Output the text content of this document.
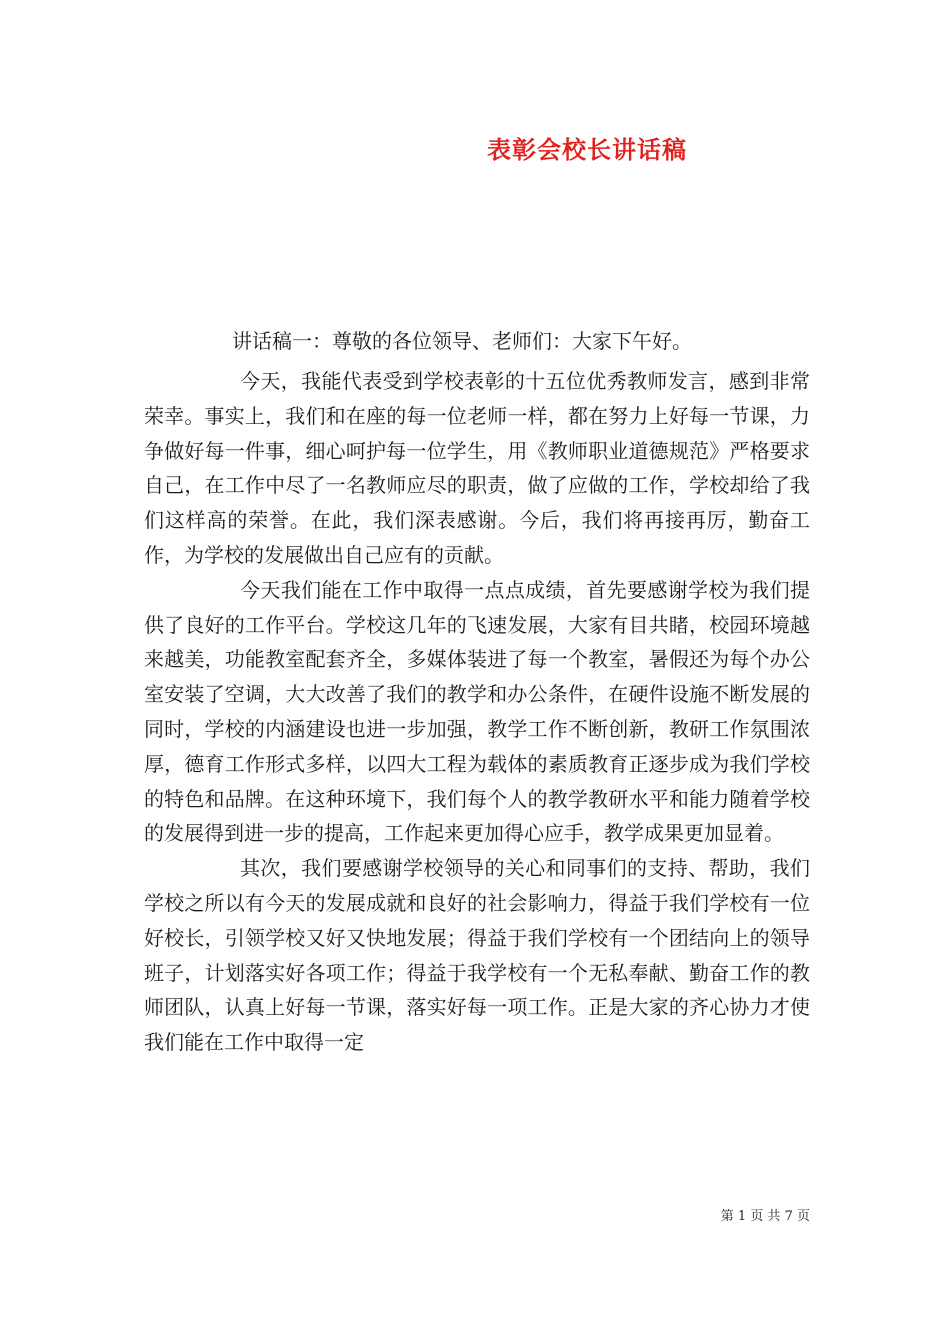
表彰会校长讲话稿

讲话稿一：尊敬的各位领导、老师们：大家下午好。

今天，我能代表受到学校表彰的十五位优秀教师发言，感到非常荣幸。事实上，我们和在座的每一位老师一样，都在努力上好每一节课，力争做好每一件事，细心呵护每一位学生，用《教师职业道德规范》严格要求自己，在工作中尽了一名教师应尽的职责，做了应做的工作，学校却给了我们这样高的荣誉。在此，我们深表感谢。今后，我们将再接再厉，勤奋工作，为学校的发展做出自己应有的贡献。

今天我们能在工作中取得一点点成绩，首先要感谢学校为我们提供了良好的工作平台。学校这几年的飞速发展，大家有目共睹，校园环境越来越美，功能教室配套齐全，多媒体装进了每一个教室，暑假还为每个办公室安装了空调，大大改善了我们的教学和办公条件，在硬件设施不断发展的同时，学校的内涵建设也进一步加强，教学工作不断创新，教研工作氛围浓厚，德育工作形式多样，以四大工程为载体的素质教育正逐步成为我们学校的特色和品牌。在这种环境下，我们每个人的教学教研水平和能力随着学校的发展得到进一步的提高，工作起来更加得心应手，教学成果更加显着。

其次，我们要感谢学校领导的关心和同事们的支持、帮助，我们学校之所以有今天的发展成就和良好的社会影响力，得益于我们学校有一位好校长，引领学校又好又快地发展；得益于我们学校有一个团结向上的领导班子，计划落实好各项工作；得益于我学校有一个无私奉献、勤奋工作的教师团队，认真上好每一节课，落实好每一项工作。正是大家的齐心协力才使我们能在工作中取得一定

第 1 页 共 7 页
